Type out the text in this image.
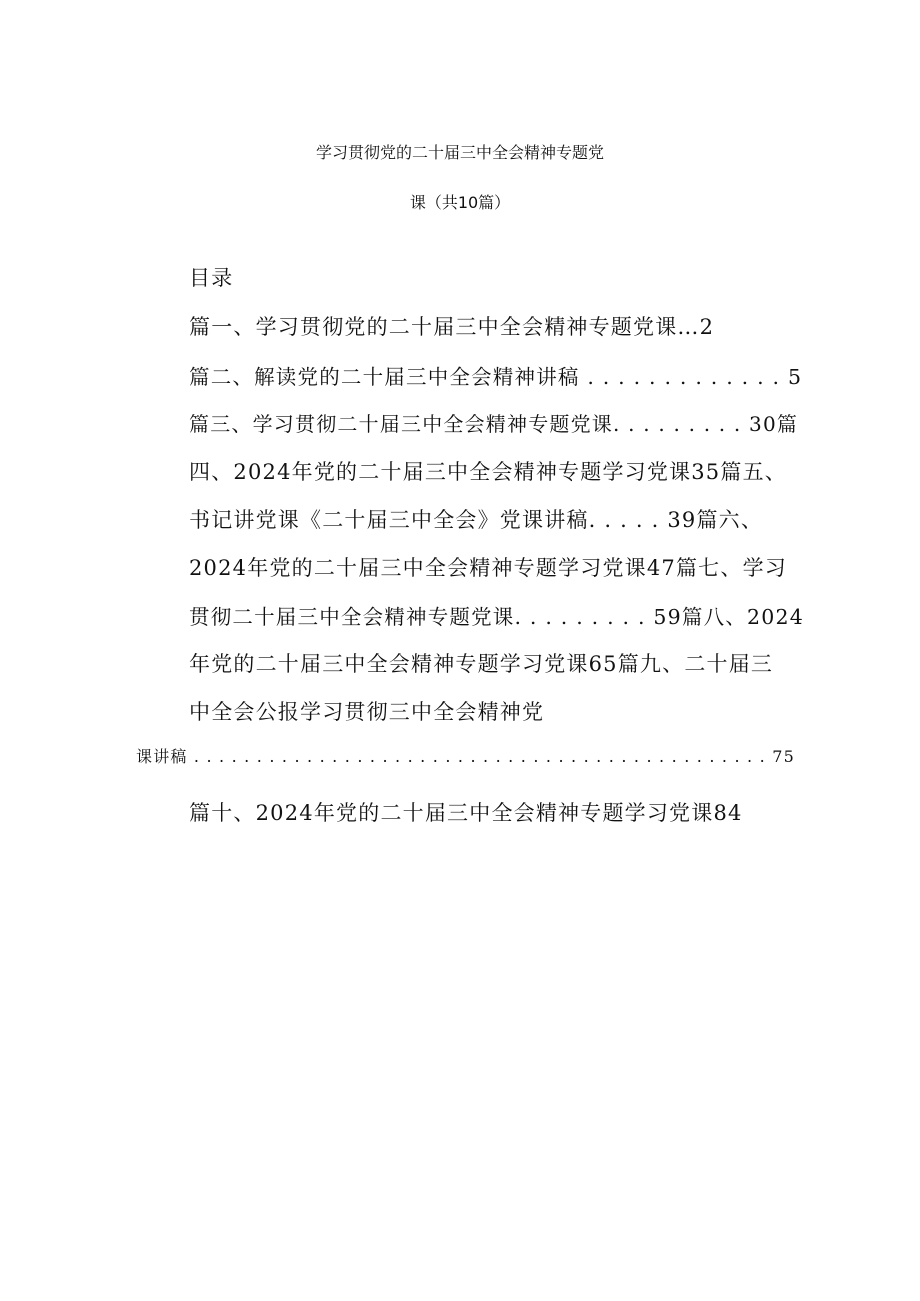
学习贯彻党的二十届三中全会精神专题党
课（共10篇）
目录
篇一、学习贯彻党的二十届三中全会精神专题党课…2
篇二、解读党的二十届三中全会精神讲稿 . . . . . . . . . . . . . 5
篇三、学习贯彻二十届三中全会精神专题党课. . . . . . . . . 30篇
四、2024年党的二十届三中全会精神专题学习党课35篇五、
书记讲党课《二十届三中全会》党课讲稿. . . . . 39篇六、
2024年党的二十届三中全会精神专题学习党课47篇七、学习
贯彻二十届三中全会精神专题党课. . . . . . . . . 59篇八、2024
年党的二十届三中全会精神专题学习党课65篇九、二十届三
中全会公报学习贯彻三中全会精神党
课讲稿 . . . . . . . . . . . . . . . . . . . . . . . . . . . . . . . . . . . . . . . . . . . . . . 75
篇十、2024年党的二十届三中全会精神专题学习党课84
